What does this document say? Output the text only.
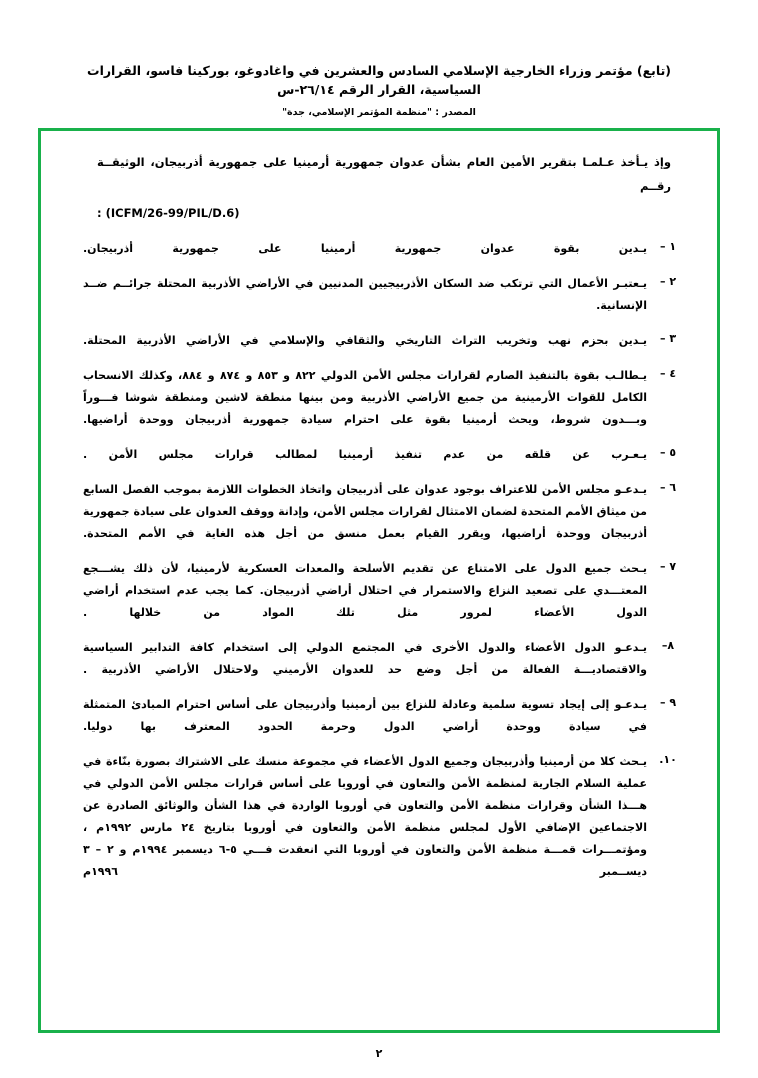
(تابع) مؤتمر وزراء الخارجية الإسلامي السادس والعشرين في واغادوغو، بوركينا فاسو، القرارات السياسية، القرار الرقم ٢٦/١٤-س
المصدر : "منظمة المؤتمر الإسلامي، جدة"

وإذ يـأخذ عـلمـا بتقرير الأمين العام بشأن عدوان جمهورية أرمينيا على جمهورية أذربيجان، الوثيقــة رقــم

: (ICFM/26-99/PIL/D.6)
١ –
يـدين بقوة عدوان جمهورية أرمينيا على جمهورية أذربيجان.
٢ –
يـعتبـر الأعمال التي ترتكب ضد السكان الأذربيجيين المدنيين في الأراضي الأذربية المحتلة جرائــم ضــد الإنسانية.
٣ –
يـدين بحزم نهب وتخريب التراث التاريخي والثقافي والإسلامي في الأراضي الأذربية المحتلة.
٤ –
يـطالـب بقوة بالتنفيذ الصارم لقرارات مجلس الأمن الدولي ٨٢٢ و ٨٥٣ و ٨٧٤ و ٨٨٤، وكذلك الانسحاب الكامل للقوات الأرمينية من جميع الأراضي الأذربية ومن بينها منطقة لاشين ومنطقة شوشا فـــوراً وبـــدون شروط، ويحث أرمينيا بقوة على احترام سيادة جمهورية أذربيجان ووحدة أراضيها.
٥ –
يـعـرب عن قلقه من عدم تنفيذ أرمينيا لمطالب قرارات مجلس الأمن .
٦ –
يـدعـو مجلس الأمن للاعتراف بوجود عدوان على أذربيجان واتخاذ الخطوات اللازمة بموجب الفصل السابع من ميثاق الأمم المتحدة لضمان الامتثال لقرارات مجلس الأمن، وإدانة ووقف العدوان على سيادة جمهورية أذربيجان ووحدة أراضيها، ويقرر القيام بعمل منسق من أجل هذه الغاية في الأمم المتحدة.
٧ –
يـحث جميع الدول على الامتناع عن تقديم الأسلحة والمعدات العسكرية لأرمينيا، لأن ذلك يشـــجع المعتـــدي على تصعيد النزاع والاستمرار في احتلال أراضي أذربيجان. كما يجب عدم استخدام أراضي الدول الأعضاء لمرور مثل تلك المواد من خلالها .
٨–
يـدعـو الدول الأعضاء والدول الأخرى في المجتمع الدولي إلى استخدام كافة التدابير السياسية والاقتصاديـــة الفعالة من أجل وضع حد للعدوان الأرميني ولاحتلال الأراضي الأذربية .
٩ –
يـدعـو إلى إيجاد تسوية سلمية وعادلة للنزاع بين أرمينيا وأذربيجان على أساس احترام المبادئ المتمثلة في سيادة ووحدة أراضي الدول وحرمة الحدود المعترف بها دوليا.
١٠.
يـحث كلا من أرمينيا وأذربيجان وجميع الدول الأعضاء في مجموعة منسك على الاشتراك بصورة بنّاءة في عملية السلام الجارية لمنظمة الأمن والتعاون في أوروبا على أساس قرارات مجلس الأمن الدولي في هـــذا الشأن وقرارات منظمة الأمن والتعاون في أوروبا الواردة في هذا الشأن والوثائق الصادرة عن الاجتماعين الإضافي الأول لمجلس منظمة الأمن والتعاون في أوروبا بتاريخ ٢٤ مارس ١٩٩٢م ، ومؤتمـــرات قمـــة منظمة الأمن والتعاون في أوروبا التي انعقدت فـــي ٥-٦ ديسمبر ١٩٩٤م و ٢ – ٣ ديســمبر ١٩٩٦م
٢
